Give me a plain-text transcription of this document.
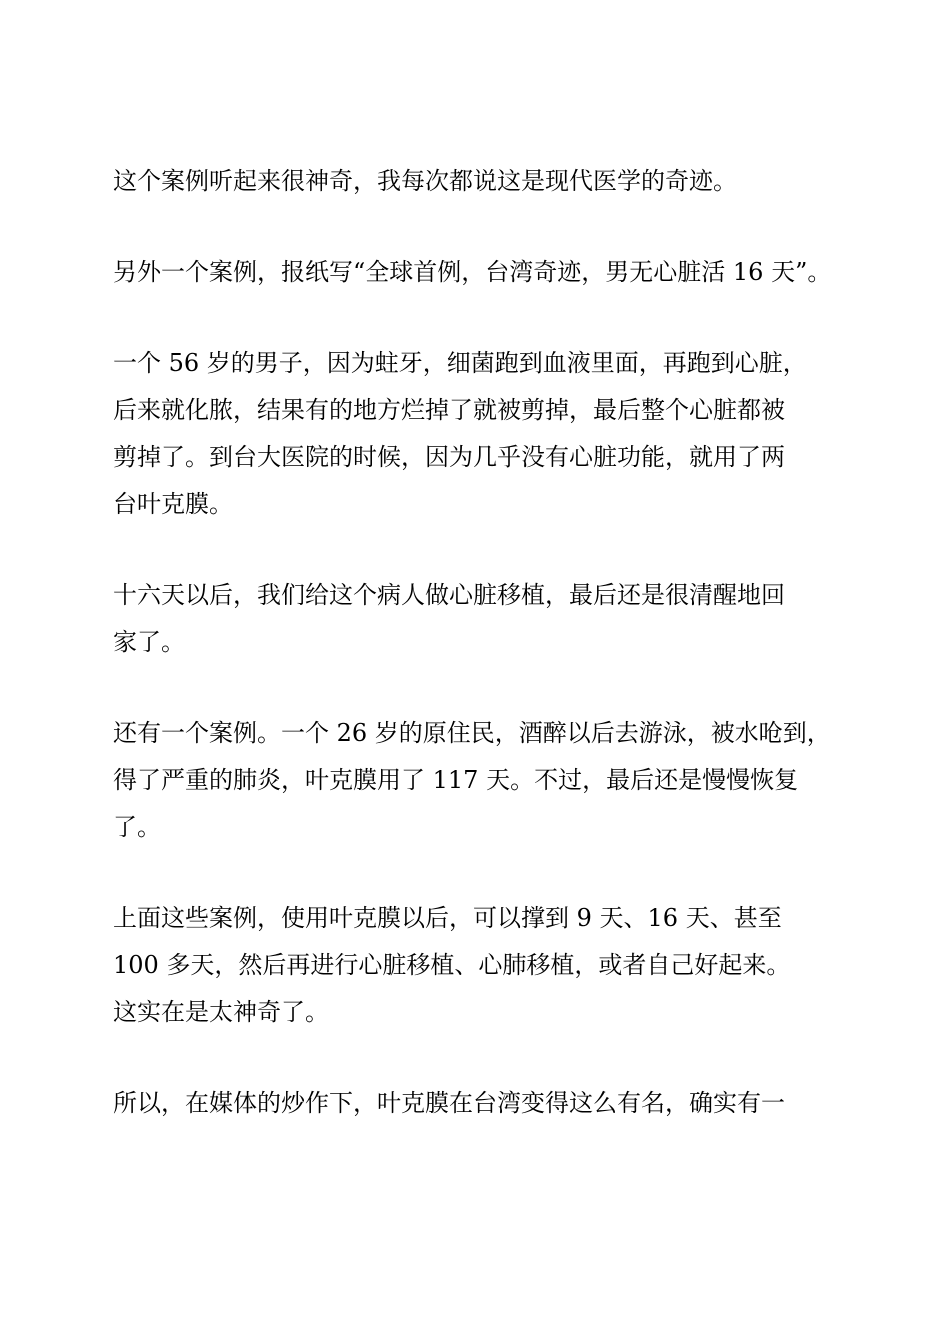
这个案例听起来很神奇，我每次都说这是现代医学的奇迹。

另外一个案例，报纸写“全球首例，台湾奇迹，男无心脏活 16 天”。

一个 56 岁的男子，因为蛀牙，细菌跑到血液里面，再跑到心脏，
后来就化脓，结果有的地方烂掉了就被剪掉，最后整个心脏都被
剪掉了。到台大医院的时候，因为几乎没有心脏功能，就用了两
台叶克膜。

十六天以后，我们给这个病人做心脏移植，最后还是很清醒地回
家了。

还有一个案例。一个 26 岁的原住民，酒醉以后去游泳，被水呛到，
得了严重的肺炎，叶克膜用了 117 天。不过，最后还是慢慢恢复
了。

上面这些案例，使用叶克膜以后，可以撑到 9 天、16 天、甚至
100 多天，然后再进行心脏移植、心肺移植，或者自己好起来。
这实在是太神奇了。

所以，在媒体的炒作下，叶克膜在台湾变得这么有名，确实有一
